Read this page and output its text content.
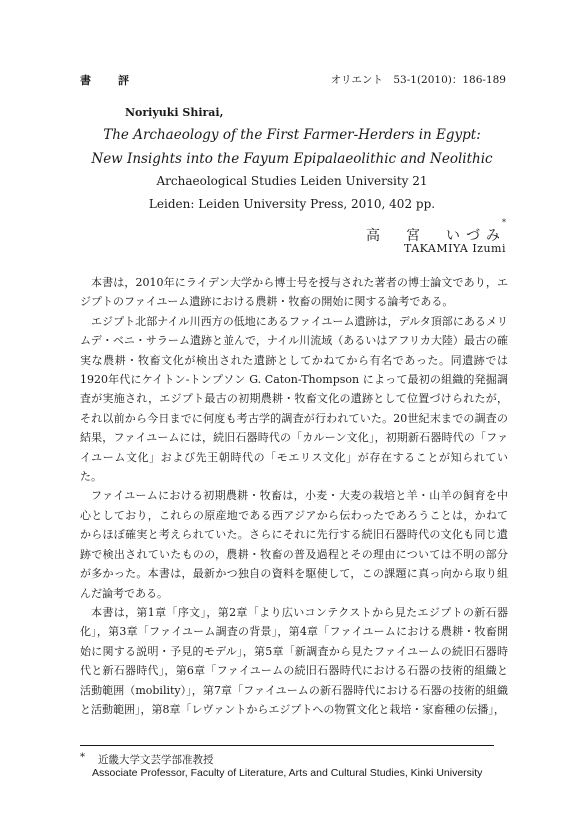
書　評	オリエント　53-1(2010)：186-189
Noriyuki Shirai,
The Archaeology of the First Farmer-Herders in Egypt:
New Insights into the Fayum Epipalaeolithic and Neolithic
Archaeological Studies Leiden University 21
Leiden: Leiden University Press, 2010, 402 pp.
*
高　宮　いづみ
TAKAMIYA Izumi

本書は，2010年にライデン大学から博士号を授与された著者の博士論文であり，エジプトのファイユーム遺跡における農耕・牧畜の開始に関する論考である。

エジプト北部ナイル川西方の低地にあるファイユーム遺跡は，デルタ頂部にあるメリムデ・ベニ・サラーム遺跡と並んで，ナイル川流域（あるいはアフリカ大陸）最古の確実な農耕・牧畜文化が検出された遺跡としてかねてから有名であった。同遺跡では1920年代にケイトン-トンプソン G. Caton-Thompson によって最初の組織的発掘調査が実施され，エジプト最古の初期農耕・牧畜文化の遺跡として位置づけられたが，それ以前から今日までに何度も考古学的調査が行われていた。20世紀末までの調査の結果，ファイユームには，続旧石器時代の「カルーン文化」，初期新石器時代の「ファイユーム文化」および先王朝時代の「モエリス文化」が存在することが知られていた。

ファイユームにおける初期農耕・牧畜は，小麦・大麦の栽培と羊・山羊の飼育を中心としており，これらの原産地である西アジアから伝わったであろうことは，かねてからほぼ確実と考えられていた。さらにそれに先行する続旧石器時代の文化も同じ遺跡で検出されていたものの，農耕・牧畜の普及過程とその理由については不明の部分が多かった。本書は，最新かつ独自の資料を駆使して，この課題に真っ向から取り組んだ論考である。

本書は，第1章「序文」，第2章「より広いコンテクストから見たエジプトの新石器化」，第3章「ファイユーム調査の背景」，第4章「ファイユームにおける農耕・牧畜開始に関する説明・予見的モデル」，第5章「新調査から見たファイユームの続旧石器時代と新石器時代」，第6章「ファイユームの続旧石器時代における石器の技術的組織と活動範囲（mobility）」，第7章「ファイユームの新石器時代における石器の技術的組織と活動範囲」，第8章「レヴァントからエジプトへの物質文化と栽培・家畜種の伝播」，

* 近畿大学文芸学部准教授
Associate Professor, Faculty of Literature, Arts and Cultural Studies, Kinki University
